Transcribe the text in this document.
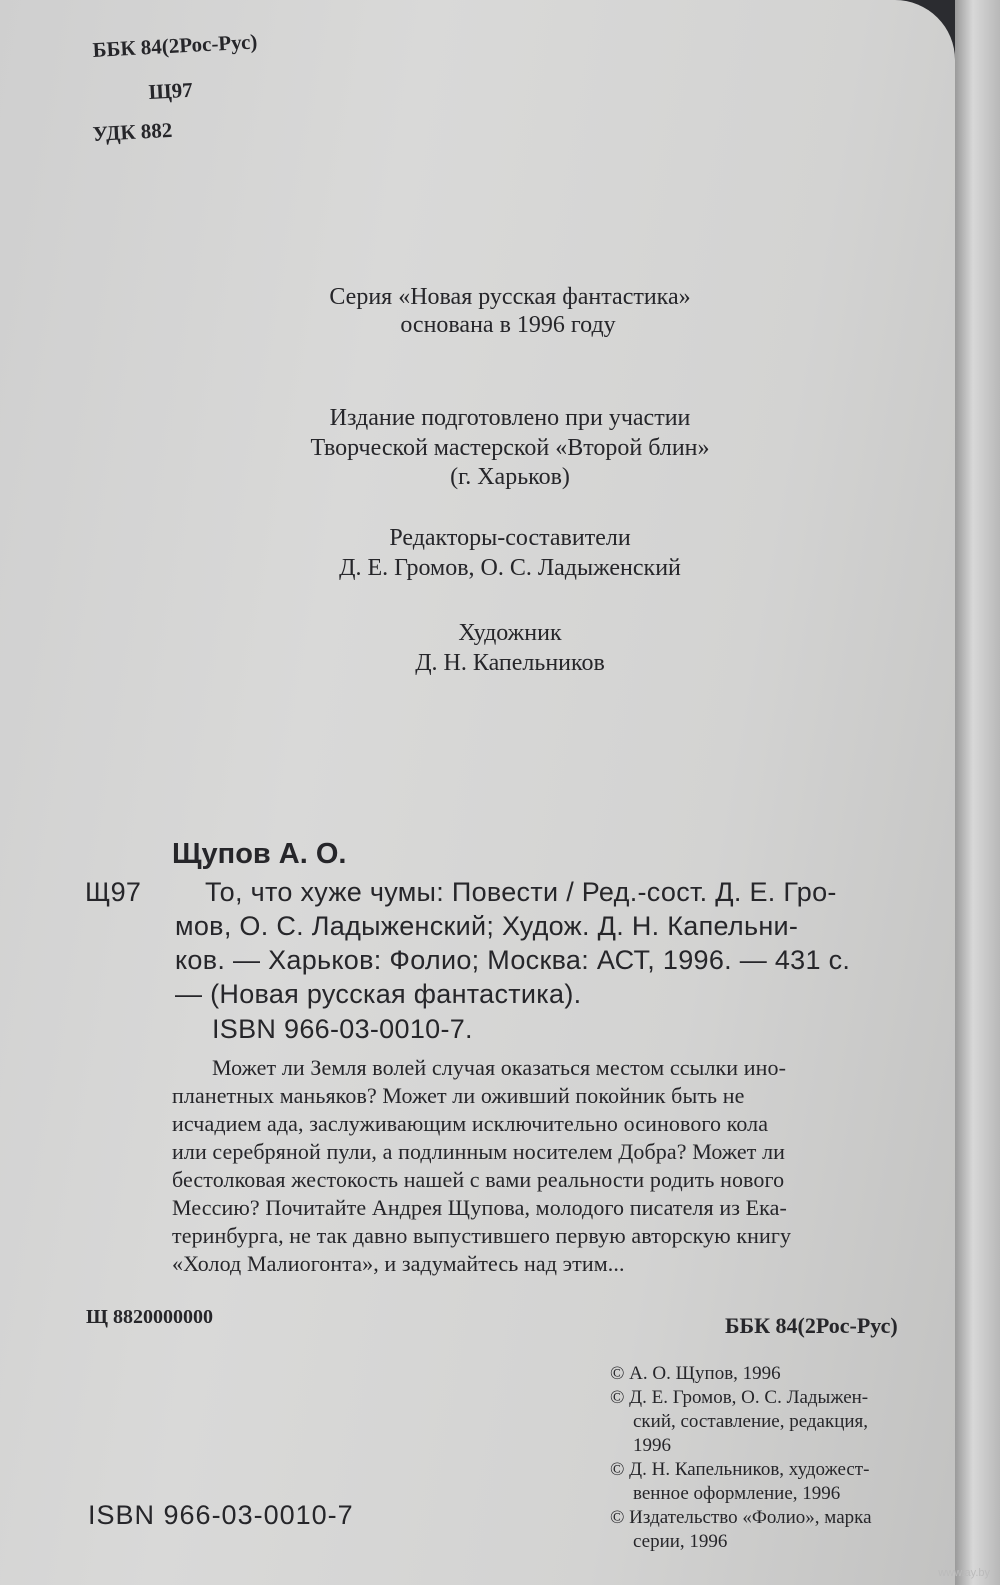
ББК 84(2Рос-Рус)
Щ97
УДК 882
Серия «Новая русская фантастика»
основана в 1996 году
Издание подготовлено при участии
Творческой мастерской «Второй блин»
(г. Харьков)
Редакторы-составители
Д. Е. Громов, О. С. Ладыженский
Художник
Д. Н. Капельников
Щупов А. О.
Щ97 То, что хуже чумы: Повести / Ред.-сост. Д. Е. Гро-
мов, О. С. Ладыженский; Худож. Д. Н. Капельни-
ков. — Харьков: Фолио; Москва: АСТ, 1996. — 431 с.
— (Новая русская фантастика).
ISBN 966-03-0010-7.
Может ли Земля волей случая оказаться местом ссылки ино-
планетных маньяков? Может ли оживший покойник быть не
исчадием ада, заслуживающим исключительно осинового кола
или серебряной пули, а подлинным носителем Добра? Может ли
бестолковая жестокость нашей с вами реальности родить нового
Мессию? Почитайте Андрея Щупова, молодого писателя из Ека-
теринбурга, не так давно выпустившего первую авторскую книгу
«Холод Малиогонта», и задумайтесь над этим...
Щ 8820000000	ББК 84(2Рос-Рус)
© А. О. Щупов, 1996
© Д. Е. Громов, О. С. Ладыжен-
ский, составление, редакция,
1996
© Д. Н. Капельников, художест-
венное оформление, 1996
© Издательство «Фолио», марка
серии, 1996
ISBN 966-03-0010-7
www.ay.by
